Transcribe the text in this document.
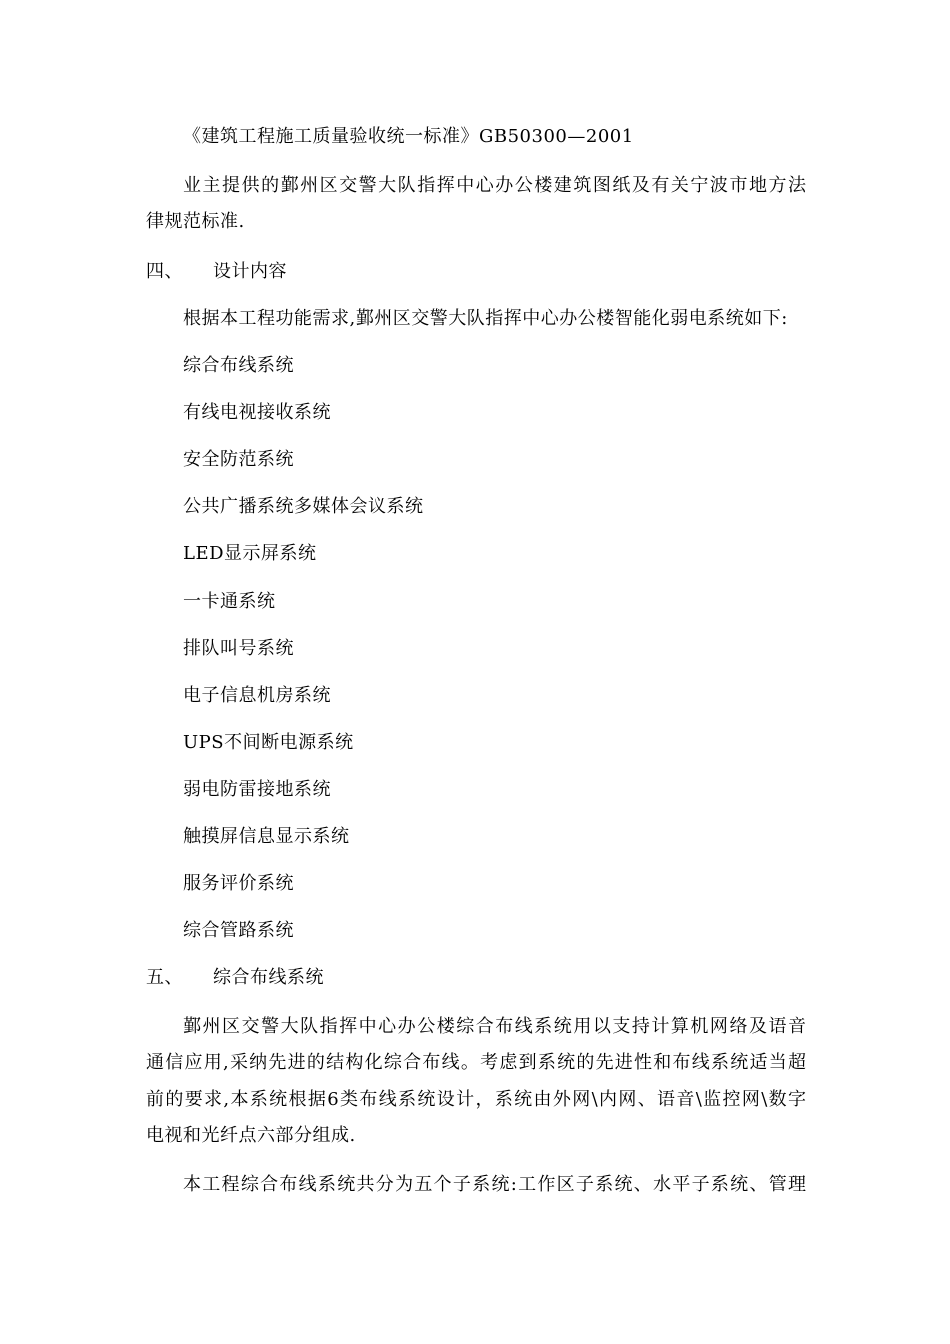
《建筑工程施工质量验收统一标准》GB50300—2001
业主提供的鄞州区交警大队指挥中心办公楼建筑图纸及有关宁波市地方法
律规范标准.
四、 设计内容
根据本工程功能需求,鄞州区交警大队指挥中心办公楼智能化弱电系统如下:
综合布线系统
有线电视接收系统
安全防范系统
公共广播系统多媒体会议系统
LED显示屏系统
一卡通系统
排队叫号系统
电子信息机房系统
UPS不间断电源系统
弱电防雷接地系统
触摸屏信息显示系统
服务评价系统
综合管路系统
五、 综合布线系统
鄞州区交警大队指挥中心办公楼综合布线系统用以支持计算机网络及语音
通信应用,采纳先进的结构化综合布线。考虑到系统的先进性和布线系统适当超
前的要求,本系统根据6类布线系统设计，系统由外网\内网、语音\监控网\数字
电视和光纤点六部分组成.
本工程综合布线系统共分为五个子系统:工作区子系统、水平子系统、管理
